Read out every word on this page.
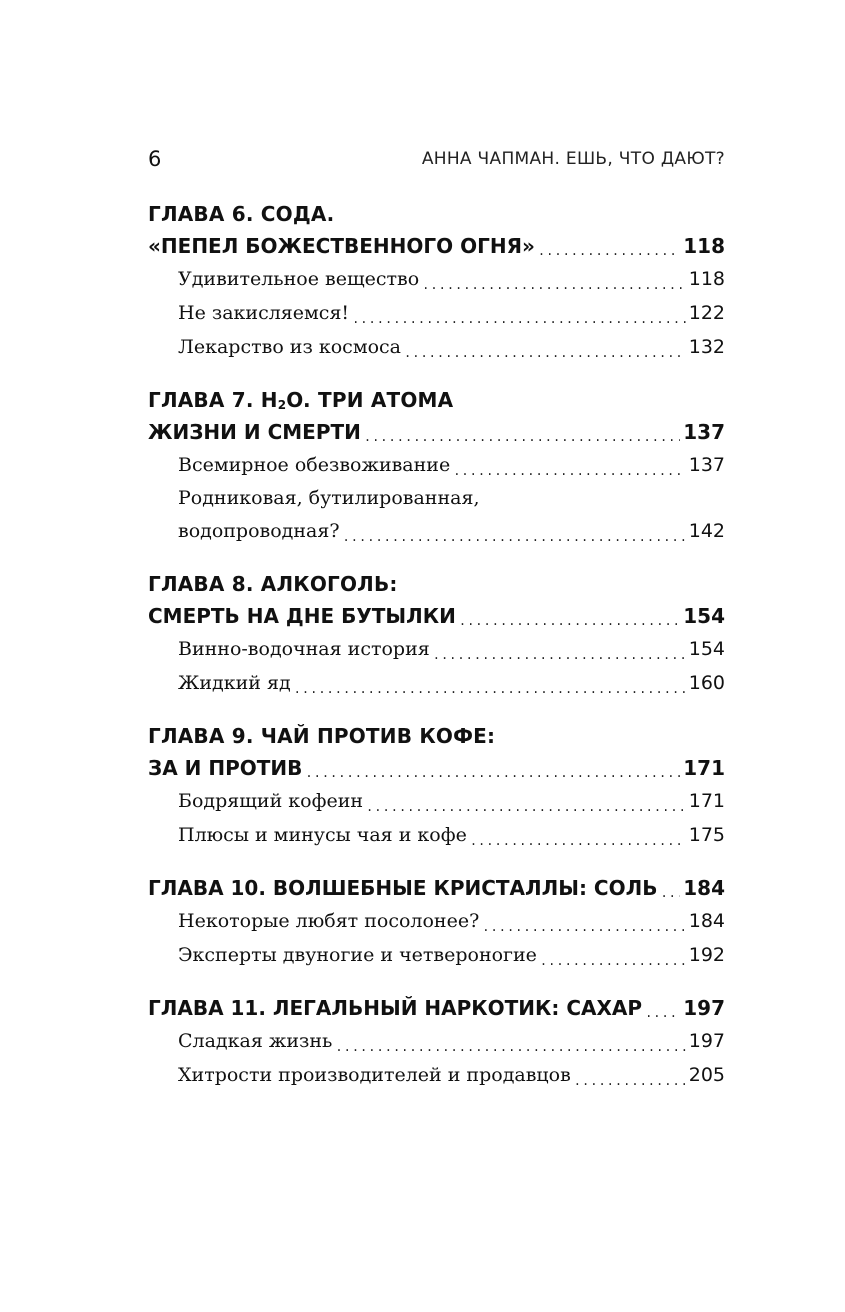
6	АННА ЧАПМАН. ЕШЬ, ЧТО ДАЮТ?
ГЛАВА 6. СОДА.
«ПЕПЕЛ БОЖЕСТВЕННОГО ОГНЯ» .....	118
Удивительное вещество .....	118
Не закисляемся! .....	122
Лекарство из космоса .....	132
ГЛАВА 7. $H_2O$. ТРИ АТОМА
ЖИЗНИ И СМЕРТИ .....	137
Всемирное обезвоживание .....	137
Родниковая, бутилированная,
водопроводная? .....	142
ГЛАВА 8. АЛКОГОЛЬ:
СМЕРТЬ НА ДНЕ БУТЫЛКИ .....	154
Винно-водочная история .....	154
Жидкий яд .....	160
ГЛАВА 9. ЧАЙ ПРОТИВ КОФЕ:
ЗА И ПРОТИВ .....	171
Бодрящий кофеин .....	171
Плюсы и минусы чая и кофе .....	175
ГЛАВА 10. ВОЛШЕБНЫЕ КРИСТАЛЛЫ: СОЛЬ ..... 184
Некоторые любят посолонее? .....	184
Эксперты двуногие и четвероногие .....	192
ГЛАВА 11. ЛЕГАЛЬНЫЙ НАРКОТИК: САХАР ..... 197
Сладкая жизнь .....	197
Хитрости производителей и продавцов .....	205
